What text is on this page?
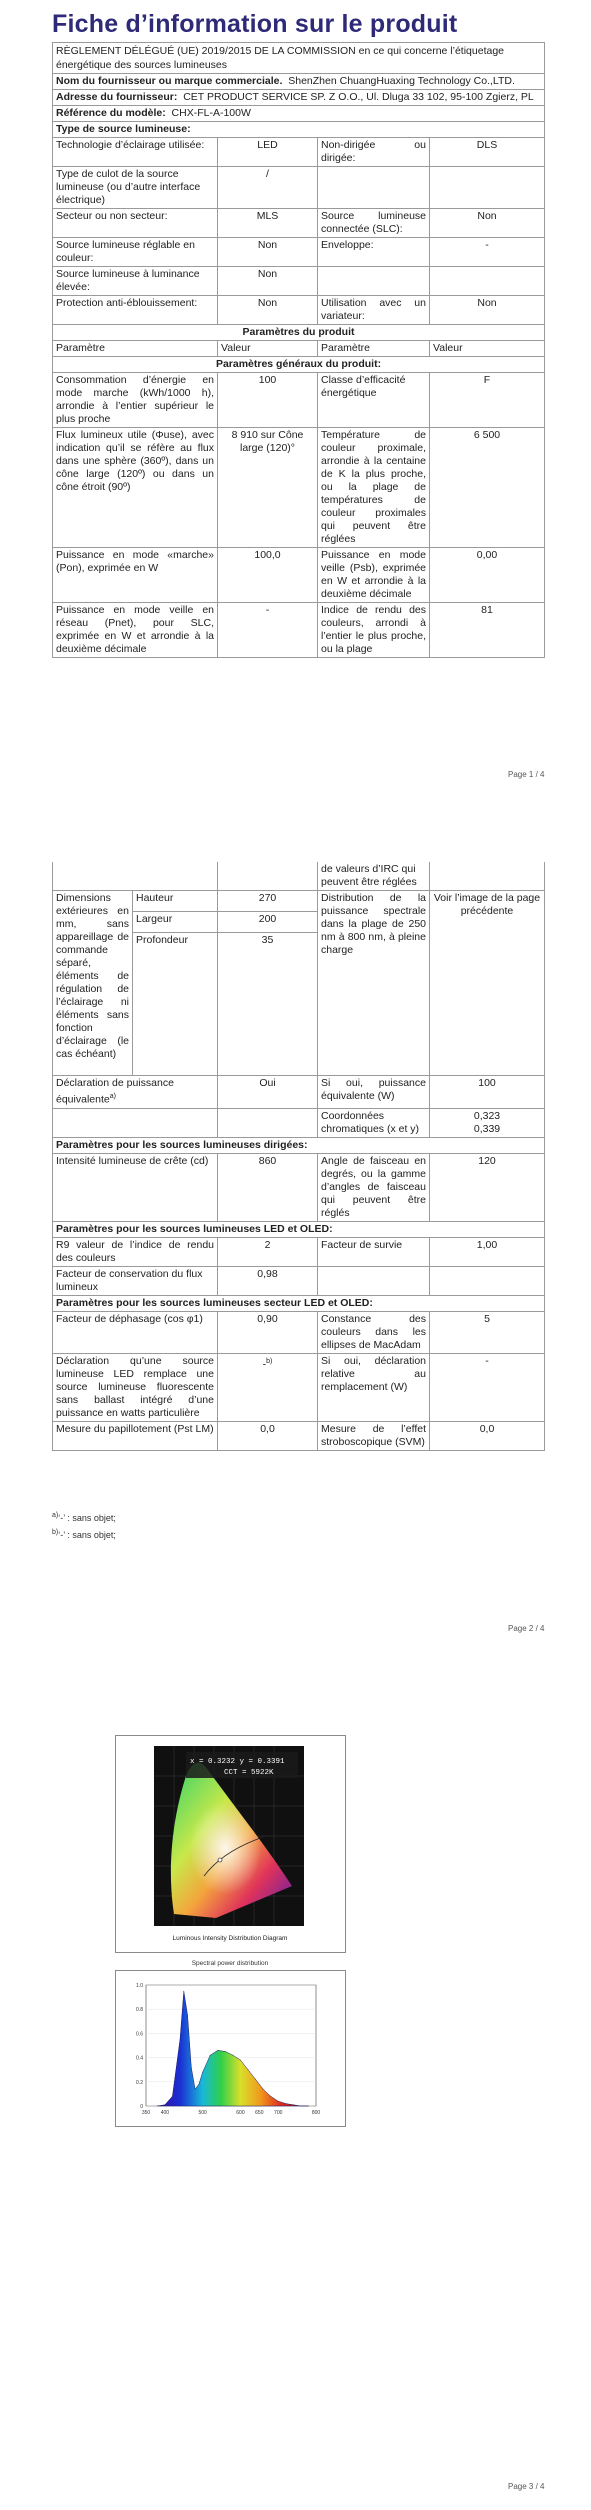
Fiche d’information sur le produit
RÈGLEMENT DÉLÉGUÉ (UE) 2019/2015 DE LA COMMISSION en ce qui concerne l’étiquetage énergétique des sources lumineuses			
Nom du fournisseur ou marque commerciale. ShenZhen ChuangHuaxing Technology Co.,LTD.			
Adresse du fournisseur: CET PRODUCT SERVICE SP. Z O.O., Ul. Dluga 33 102, 95-100 Zgierz, PL			
Référence du modèle: CHX-FL-A-100W			
Type de source lumineuse:			
Technologie d’éclairage utilisée:	LED	Non-dirigée ou dirigée:	DLS
Type de culot de la source lumineuse (ou d’autre interface électrique)	/		
Secteur ou non secteur:	MLS	Source lumineuse connectée (SLC):	Non
Source lumineuse réglable en couleur:	Non	Enveloppe:	-
Source lumineuse à luminance élevée:	Non		
Protection anti-éblouissement:	Non	Utilisation avec un variateur:	Non
Paramètres du produit			
Paramètre	Valeur	Paramètre	Valeur
Paramètres généraux du produit:			
Consommation d’énergie en mode marche (kWh/1000 h), arrondie à l’entier supérieur le plus proche	100	Classe d’efficacité énergétique	F
Flux lumineux utile (Φuse), avec indication qu’il se réfère au flux dans une sphère (360º), dans un cône large (120º) ou dans un cône étroit (90º)	8 910 sur Cône large (120)°	Température de couleur proximale, arrondie à la centaine de K la plus proche, ou la plage de températures de couleur proximales qui peuvent être réglées	6 500
Puissance en mode «marche» (Pon), exprimée en W	100,0	Puissance en mode veille (Psb), exprimée en W et arrondie à la deuxième décimale	0,00
Puissance en mode veille en réseau (Pnet), pour SLC, exprimée en W et arrondie à la deuxième décimale	-	Indice de rendu des couleurs, arrondi à l’entier le plus proche, ou la plage	81
Page 1 / 4
			de valeurs d’IRC qui peuvent être réglées	
Dimensions extérieures en mm, sans appareillage de commande séparé, éléments de régulation de l’éclairage ni éléments sans fonction d’éclairage (le cas échéant)	Hauteur	270	Distribution de la puissance spectrale dans la plage de 250 nm à 800 nm, à pleine charge	Voir l’image de la page précédente
	Largeur	200		
	Profondeur	35		
Déclaration de puissance équivalente$^{a)}$		Oui	Si oui, puissance équivalente (W)	100
			Coordonnées chromatiques (x et y)	0,323
0,339

Paramètres pour les sources lumineuses dirigées:				
Intensité lumineuse de crête (cd)		860	Angle de faisceau en degrés, ou la gamme d’angles de faisceau qui peuvent être réglés	120
Paramètres pour les sources lumineuses LED et OLED:				
R9 valeur de l’indice de rendu des couleurs		2	Facteur de survie	1,00
Facteur de conservation du flux lumineux		0,98		
Paramètres pour les sources lumineuses secteur LED et OLED:				
Facteur de déphasage (cos φ1)		0,90	Constance des couleurs dans les ellipses de MacAdam	5
Déclaration qu’une source lumineuse LED remplace une source lumineuse fluorescente sans ballast intégré d’une puissance en watts particulière		-$^{b)}$	Si oui, déclaration relative au remplacement (W)	-
Mesure du papillotement (Pst LM)		0,0	Mesure de l’effet stroboscopique (SVM)	0,0
$^{a)}$‘-’ : sans objet;
$^{b)}$‘-’ : sans objet;
Page 2 / 4
x = 0.3232 y = 0.3391
CCT = 5922K
Luminous Intensity Distribution Diagram
Spectral power distribution
0
0.2
0.4
0.6
0.8
1.0
350 400	500	600 650 700	800
Page 3 / 4
